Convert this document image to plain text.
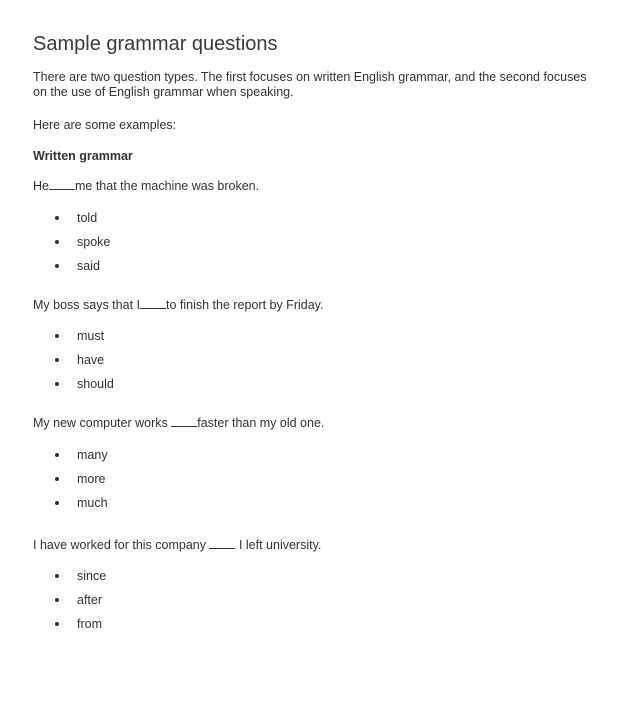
Sample grammar questions

There are two question types. The first focuses on written English grammar, and the second focuses on the use of English grammar when speaking.

Here are some examples:

Written grammar

He me that the machine was broken.
told
spoke
said
My boss says that I to finish the report by Friday.
must
have
should
My new computer works faster than my old one.
many
more
much
I have worked for this company  I left university.
since
after
from
